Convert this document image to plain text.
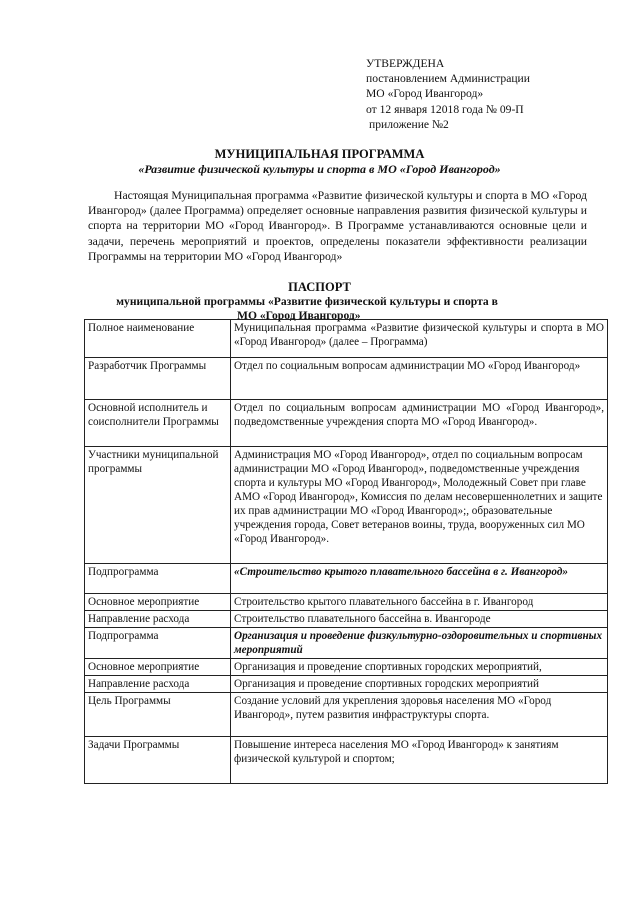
УТВЕРЖДЕНА
постановлением Администрации
МО «Город Ивангород»
от 12 января 12018 года № 09-П
приложение №2
МУНИЦИПАЛЬНАЯ ПРОГРАММА
«Развитие физической культуры и спорта в МО «Город Ивангород»
Настоящая Муниципальная программа «Развитие физической культуры и спорта в МО «Город Ивангород» (далее Программа) определяет основные направления развития физической культуры и спорта на территории МО «Город Ивангород». В Программе устанавливаются основные цели и задачи, перечень мероприятий и проектов, определены показатели эффективности реализации Программы на территории МО «Город Ивангород»
ПАСПОРТ
муниципальной программы «Развитие физической культуры и спорта в
МО «Город Ивангород»
Полное наименование	Муниципальная программа «Развитие физической культуры и спорта в МО «Город Ивангород» (далее – Программа)
Разработчик Программы	Отдел по социальным вопросам администрации МО «Город Ивангород»
Основной исполнитель и соисполнители Программы	Отдел по социальным вопросам администрации МО «Город Ивангород», подведомственные учреждения спорта МО «Город Ивангород».
Участники муниципальной программы	Администрация МО «Город Ивангород», отдел по социальным вопросам администрации МО «Город Ивангород», подведомственные учреждения спорта и культуры МО «Город Ивангород», Молодежный Совет при главе АМО «Город Ивангород», Комиссия по делам несовершеннолетних и защите их прав администрации МО «Город Ивангород»;, образовательные учреждения города, Совет ветеранов воины, труда, вооруженных сил МО «Город Ивангород».
Подпрограмма	«Строительство крытого плавательного бассейна в г. Ивангород»
Основное мероприятие	Строительство крытого плавательного бассейна в г. Ивангород
Направление расхода	Строительство плавательного бассейна в. Ивангороде
Подпрограмма	Организация и проведение физкультурно-оздоровительных и спортивных мероприятий
Основное мероприятие	Организация и проведение спортивных городских мероприятий,
Направление расхода	Организация и проведение спортивных городских мероприятий
Цель Программы	Создание условий для укрепления здоровья населения МО «Город Ивангород», путем развития инфраструктуры спорта.
Задачи Программы	Повышение интереса населения МО «Город Ивангород» к занятиям физической культурой и спортом;
